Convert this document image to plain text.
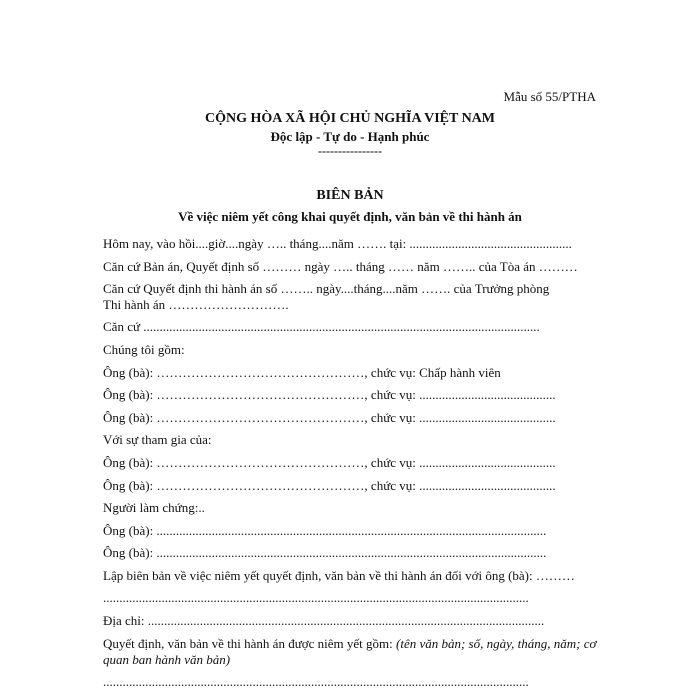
Mẫu số 55/PTHA
CỘNG HÒA XÃ HỘI CHỦ NGHĨA VIỆT NAM
Độc lập - Tự do - Hạnh phúc
----------------
BIÊN BẢN
Về việc niêm yết công khai quyết định, văn bản về thi hành án
Hôm nay, vào hồi....giờ....ngày ….. tháng....năm ……. tại: ..................................................
Căn cứ Bản án, Quyết định số ……… ngày ….. tháng …… năm …….. của Tòa án ………
Căn cứ Quyết định thi hành án số …….. ngày....tháng....năm ……. của Trưởng phòng
Thi hành án ……………………….
Căn cứ ..........................................................................................................................
Chúng tôi gồm:
Ông (bà): …………………………………………, chức vụ: Chấp hành viên
Ông (bà): …………………………………………, chức vụ: ..........................................
Ông (bà): …………………………………………, chức vụ: ..........................................
Với sự tham gia của:
Ông (bà): …………………………………………, chức vụ: ..........................................
Ông (bà): …………………………………………, chức vụ: ..........................................
Người làm chứng:..
Ông (bà): ........................................................................................................................
Ông (bà): ........................................................................................................................
Lập biên bản về việc niêm yết quyết định, văn bản về thi hành án đối với ông (bà): ………
...................................................................................................................................
Địa chỉ: ..........................................................................................................................
Quyết định, văn bản về thi hành án được niêm yết gồm: (tên văn bản; số, ngày, tháng, năm; cơ quan ban hành văn bản)
...................................................................................................................................
